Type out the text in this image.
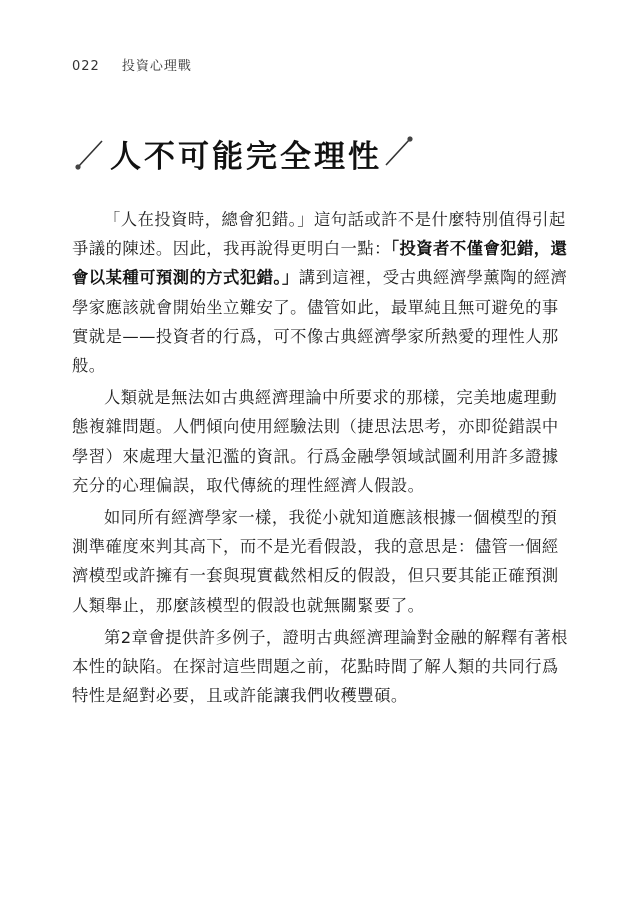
022 投資心理戰
人不可能完全理性

「人在投資時，總會犯錯。」這句話或許不是什麼特別值得引起爭議的陳述。因此，我再說得更明白一點：「投資者不僅會犯錯，還會以某種可預測的方式犯錯。」講到這裡，受古典經濟學薰陶的經濟學家應該就會開始坐立難安了。儘管如此，最單純且無可避免的事實就是——投資者的行爲，可不像古典經濟學家所熱愛的理性人那般。

人類就是無法如古典經濟理論中所要求的那樣，完美地處理動態複雜問題。人們傾向使用經驗法則（捷思法思考，亦即從錯誤中學習）來處理大量氾濫的資訊。行爲金融學領域試圖利用許多證據充分的心理偏誤，取代傳統的理性經濟人假設。

如同所有經濟學家一樣，我從小就知道應該根據一個模型的預測準確度來判其高下，而不是光看假設，我的意思是：儘管一個經濟模型或許擁有一套與現實截然相反的假設，但只要其能正確預測人類舉止，那麼該模型的假設也就無關緊要了。

第2章會提供許多例子，證明古典經濟理論對金融的解釋有著根本性的缺陷。在探討這些問題之前，花點時間了解人類的共同行爲特性是絕對必要，且或許能讓我們收穫豐碩。
